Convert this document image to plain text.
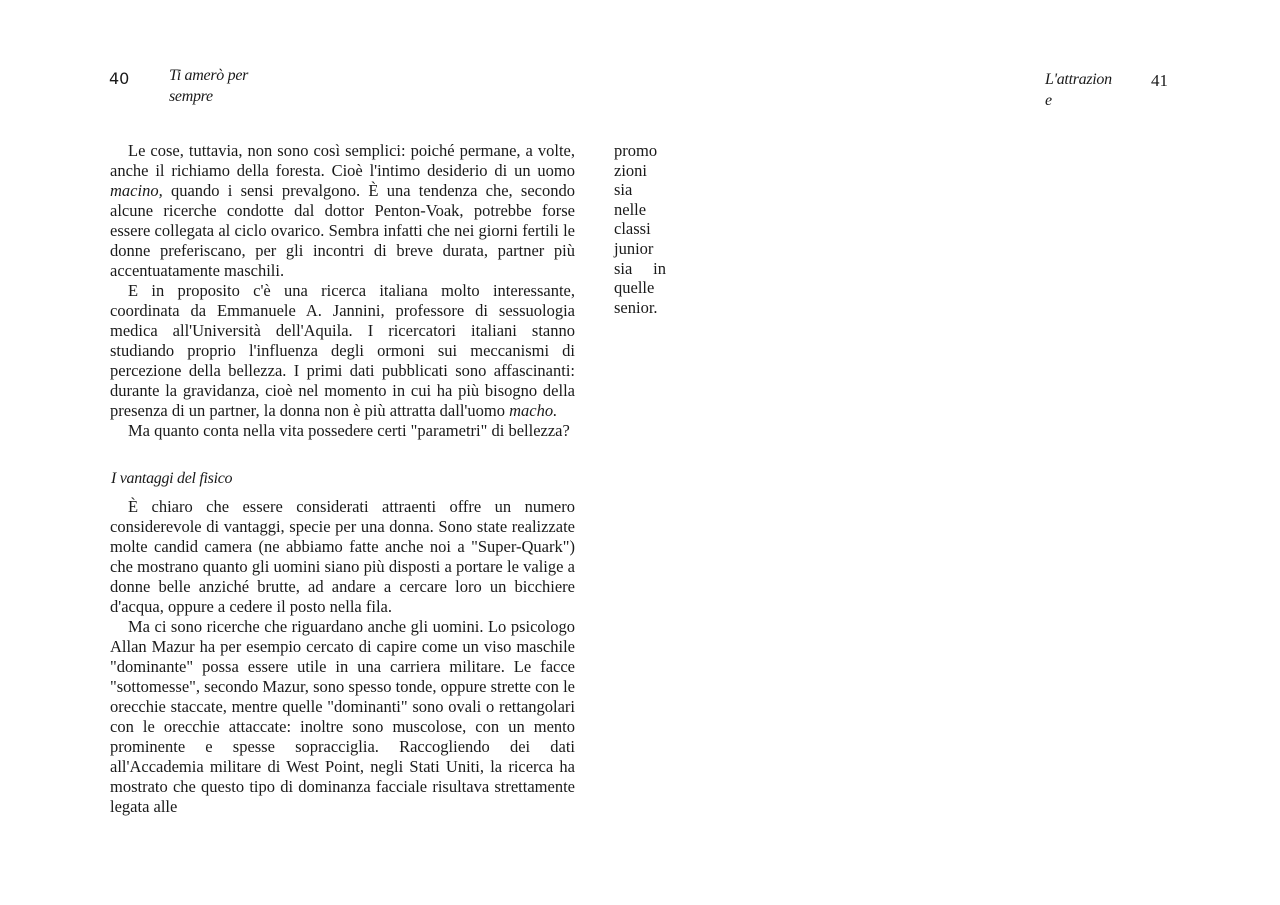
40 Ti amerò per sempre
L'attrazione
41

Le cose, tuttavia, non sono così semplici: poiché permane, a volte, anche il richiamo della foresta. Cioè l'intimo desiderio di un uomo macino, quando i sensi prevalgono. È una tendenza che, secondo alcune ricerche condotte dal dottor Penton-Voak, potrebbe forse essere collegata al ciclo ovarico. Sembra infatti che nei giorni fertili le donne preferiscano, per gli incontri di breve durata, partner più accentuatamente maschili.

E in proposito c'è una ricerca italiana molto interessante, coordinata da Emmanuele A. Jannini, professore di sessuologia medica all'Università dell'Aquila. I ricercatori italiani stanno studiando proprio l'influenza degli ormoni sui meccanismi di percezione della bellezza. I primi dati pubblicati sono affascinanti: durante la gravidanza, cioè nel momento in cui ha più bisogno della presenza di un partner, la donna non è più attratta dall'uomo macho.

Ma quanto conta nella vita possedere certi "parametri" di bellezza?

I vantaggi del fisico

È chiaro che essere considerati attraenti offre un numero considerevole di vantaggi, specie per una donna. Sono state realizzate molte candid camera (ne abbiamo fatte anche noi a "Super-Quark") che mostrano quanto gli uomini siano più disposti a portare le valige a donne belle anziché brutte, ad andare a cercare loro un bicchiere d'acqua, oppure a cedere il posto nella fila.

Ma ci sono ricerche che riguardano anche gli uomini. Lo psicologo Allan Mazur ha per esempio cercato di capire come un viso maschile "dominante" possa essere utile in una carriera militare. Le facce "sottomesse", secondo Mazur, sono spesso tonde, oppure strette con le orecchie staccate, mentre quelle "dominanti" sono ovali o rettangolari con le orecchie attaccate: inoltre sono muscolose, con un mento prominente e spesse sopracciglia. Raccogliendo dei dati all'Accademia militare di West Point, negli Stati Uniti, la ricerca ha mostrato che questo tipo di dominanza facciale risultava strettamente legata alle

promo
zioni
sia
nelle
classi
junior
sia in
quelle
senior.
